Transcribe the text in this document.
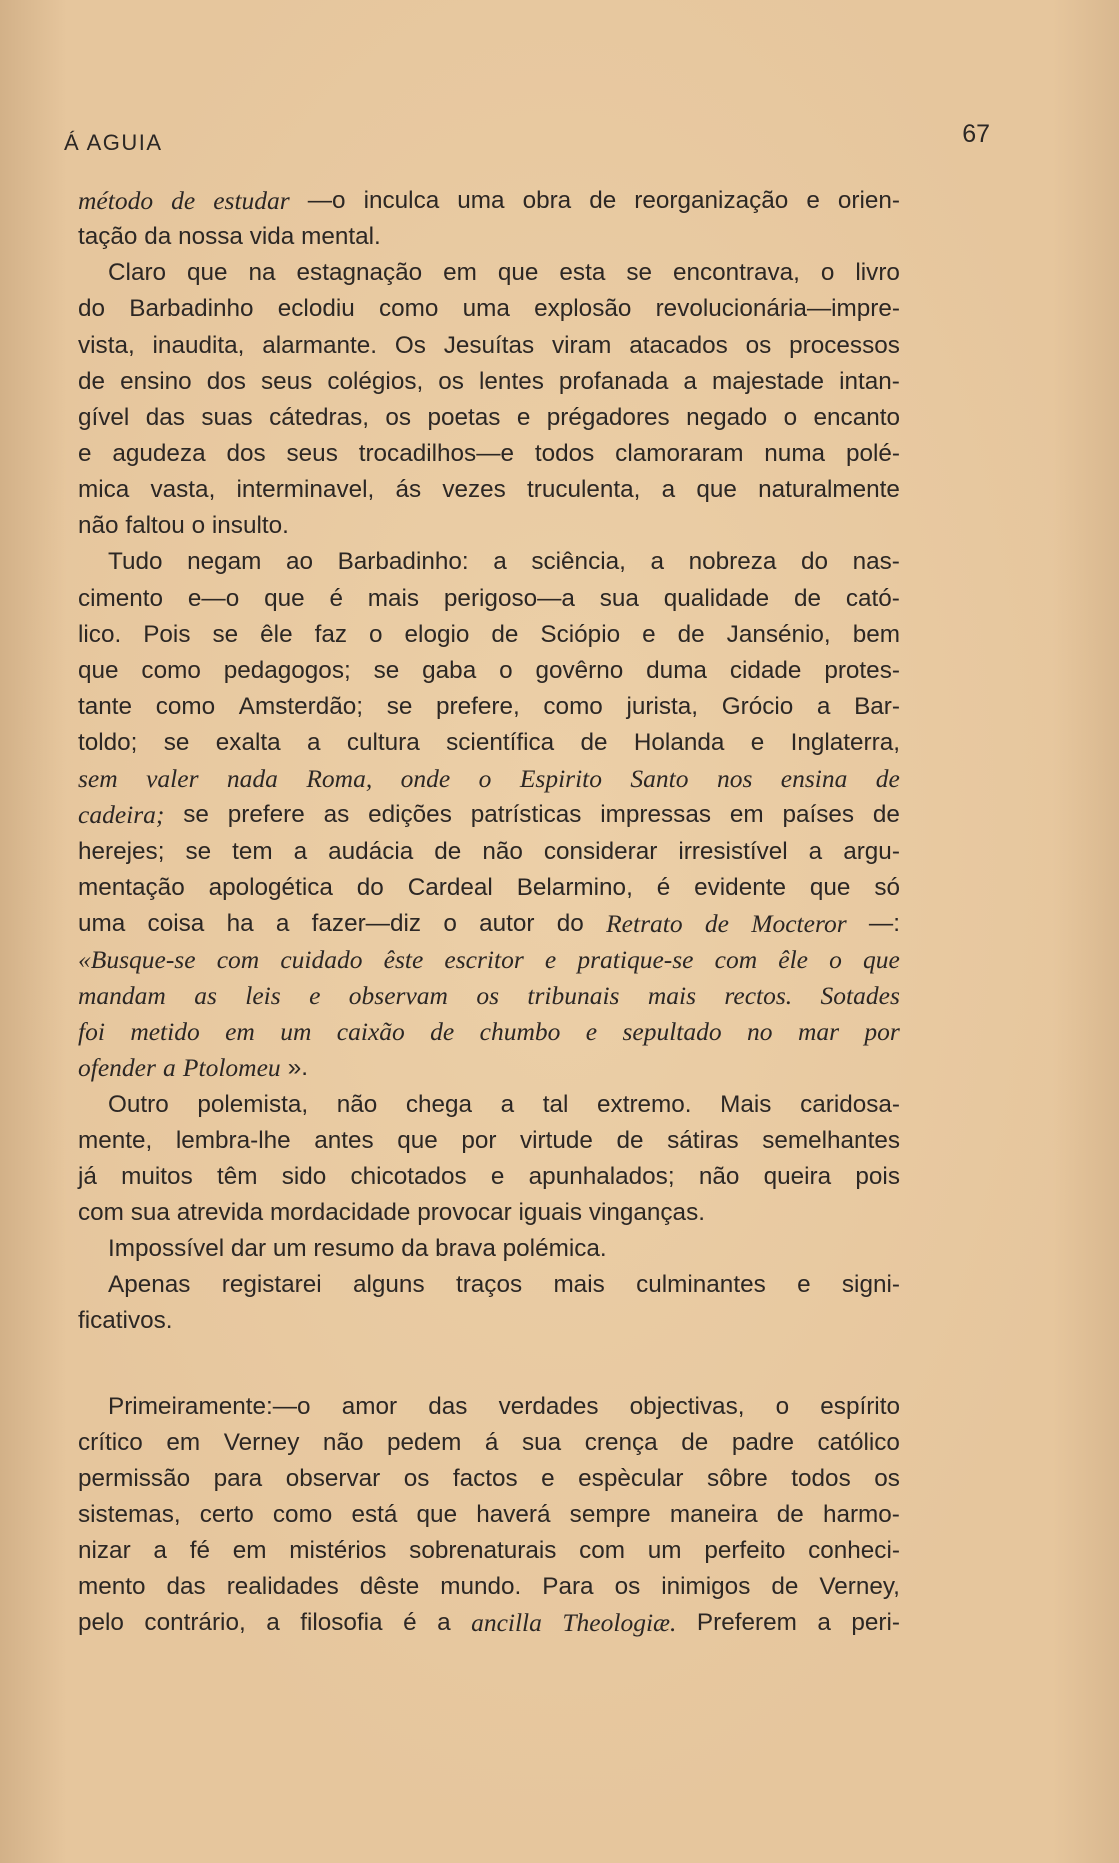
Á AGUIA	67
método de estudar —o inculca uma obra de reorganização e orien-
tação da nossa vida mental.
Claro que na estagnação em que esta se encontrava, o livro
do Barbadinho eclodiu como uma explosão revolucionária—impre-
vista, inaudita, alarmante. Os Jesuítas viram atacados os processos
de ensino dos seus colégios, os lentes profanada a majestade intan-
gível das suas cátedras, os poetas e prégadores negado o encanto
e agudeza dos seus trocadilhos—e todos clamoraram numa polé-
mica vasta, interminavel, ás vezes truculenta, a que naturalmente
não faltou o insulto.
Tudo negam ao Barbadinho: a sciência, a nobreza do nas-
cimento e—o que é mais perigoso—a sua qualidade de cató-
lico. Pois se êle faz o elogio de Sciópio e de Jansénio, bem
que como pedagogos; se gaba o govêrno duma cidade protes-
tante como Amsterdão; se prefere, como jurista, Grócio a Bar-
toldo; se exalta a cultura scientífica de Holanda e Inglaterra,
sem valer nada Roma, onde o Espirito Santo nos ensina de
cadeira; se prefere as edições patrísticas impressas em países de
herejes; se tem a audácia de não considerar irresistível a argu-
mentação apologética do Cardeal Belarmino, é evidente que só
uma coisa ha a fazer—diz o autor do Retrato de Mocteror —:
«Busque-se com cuidado êste escritor e pratique-se com êle o que
mandam as leis e observam os tribunais mais rectos. Sotades
foi metido em um caixão de chumbo e sepultado no mar por
ofender a Ptolomeu ».
Outro polemista, não chega a tal extremo. Mais caridosa-
mente, lembra-lhe antes que por virtude de sátiras semelhantes
já muitos têm sido chicotados e apunhalados; não queira pois
com sua atrevida mordacidade provocar iguais vinganças.
Impossível dar um resumo da brava polémica.
Apenas registarei alguns traços mais culminantes e signi-
ficativos.
Primeiramente:—o amor das verdades objectivas, o espírito
crítico em Verney não pedem á sua crença de padre católico
permissão para observar os factos e espècular sôbre todos os
sistemas, certo como está que haverá sempre maneira de harmo-
nizar a fé em mistérios sobrenaturais com um perfeito conheci-
mento das realidades dêste mundo. Para os inimigos de Verney,
pelo contrário, a filosofia é a ancilla Theologiæ. Preferem a peri-
